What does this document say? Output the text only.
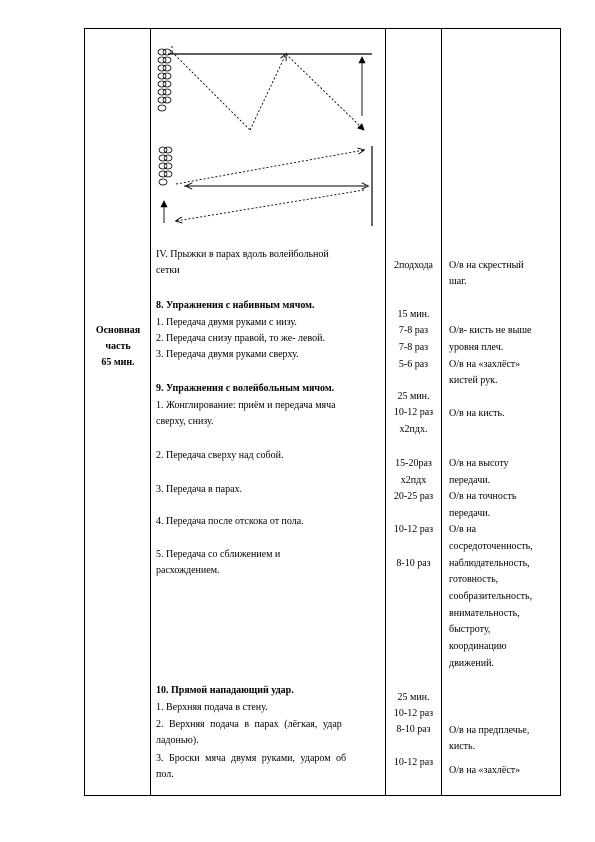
Основная
часть
65 мин.
IV. Прыжки в парах вдоль волейбольной
сетки
8. Упражнения с набивным мячом.
1. Передача двумя руками с низу.
2. Передача снизу правой, то же- левой.
3. Передача двумя руками сверху.
9. Упражнения с волейбольным мячом.
1. Жонглирование: приём и передача мяча
сверху, снизу.
2. Передача сверху над собой.
3. Передача в парах.
4. Передача после отскока от пола.
5. Передача со сближением и
расхождением.
10. Прямой нападающий удар.
1. Верхняя подача в стену.
2. Верхняя подача в парах (лёгкая, удар
ладонью).
3. Броски мяча двумя руками, ударом об
пол.
2подхода
15 мин.
7-8 раз
7-8 раз
5-6 раз
25 мин.
10-12 раз
х2пдх.
15-20раз
х2пдх
20-25 раз
10-12 раз
8-10 раз
25 мин.
10-12 раз
8-10 раз
10-12 раз
О/в на скрестный
шаг.
О/в- кисть не выше
уровня плеч.
О/в на «захлёст»
кистей рук.
О/в на кисть.
О/в на высоту
передачи.
О/в на точность
передачи.
О/в на
сосредоточенность,
наблюдательность,
готовность,
сообразительность,
внимательность,
быстроту,
координацию
движений.
О/в на предплечье,
кисть.
О/в на «захлёст»
